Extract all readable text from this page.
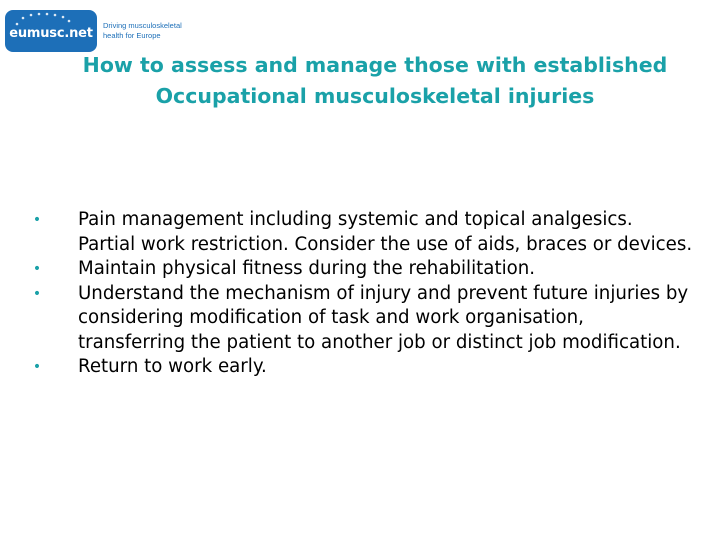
eumusc.net Driving musculoskeletal
health for Europe
How to assess and manage those with established Occupational musculoskeletal injuries
• Pain management including systemic and topical analgesics. Partial work restriction. Consider the use of aids, braces or devices.
• Maintain physical fitness during the rehabilitation.
• Understand the mechanism of injury and prevent future injuries by considering modification of task and work organisation, transferring the patient to another job or distinct job modification.
• Return to work early.
